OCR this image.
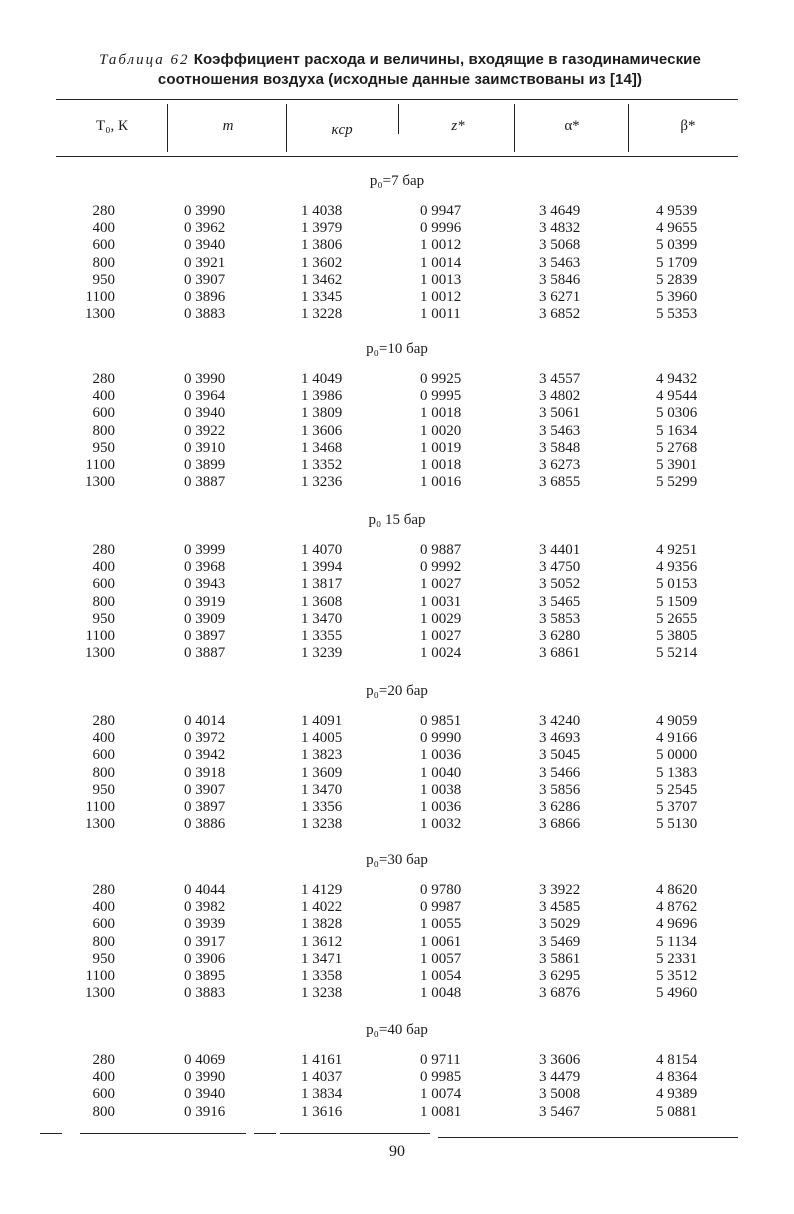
Таблица 62 Коэффициент расхода и величины, входящие в газодинамические
соотношения воздуха (исходные данные заимствованы из [14])
T₀, К	m	κср	z*	α*	β*
p₀=7 бар
280	0 3990	1 4038	0 9947	3 4649	4 9539
400	0 3962	1 3979	0 9996	3 4832	4 9655
600	0 3940	1 3806	1 0012	3 5068	5 0399
800	0 3921	1 3602	1 0014	3 5463	5 1709
950	0 3907	1 3462	1 0013	3 5846	5 2839
1100	0 3896	1 3345	1 0012	3 6271	5 3960
1300	0 3883	1 3228	1 0011	3 6852	5 5353
p₀=10 бар
280	0 3990	1 4049	0 9925	3 4557	4 9432
400	0 3964	1 3986	0 9995	3 4802	4 9544
600	0 3940	1 3809	1 0018	3 5061	5 0306
800	0 3922	1 3606	1 0020	3 5463	5 1634
950	0 3910	1 3468	1 0019	3 5848	5 2768
1100	0 3899	1 3352	1 0018	3 6273	5 3901
1300	0 3887	1 3236	1 0016	3 6855	5 5299
p₀ 15 бар
280	0 3999	1 4070	0 9887	3 4401	4 9251
400	0 3968	1 3994	0 9992	3 4750	4 9356
600	0 3943	1 3817	1 0027	3 5052	5 0153
800	0 3919	1 3608	1 0031	3 5465	5 1509
950	0 3909	1 3470	1 0029	3 5853	5 2655
1100	0 3897	1 3355	1 0027	3 6280	5 3805
1300	0 3887	1 3239	1 0024	3 6861	5 5214
p₀=20 бар
280	0 4014	1 4091	0 9851	3 4240	4 9059
400	0 3972	1 4005	0 9990	3 4693	4 9166
600	0 3942	1 3823	1 0036	3 5045	5 0000
800	0 3918	1 3609	1 0040	3 5466	5 1383
950	0 3907	1 3470	1 0038	3 5856	5 2545
1100	0 3897	1 3356	1 0036	3 6286	5 3707
1300	0 3886	1 3238	1 0032	3 6866	5 5130
p₀=30 бар
280	0 4044	1 4129	0 9780	3 3922	4 8620
400	0 3982	1 4022	0 9987	3 4585	4 8762
600	0 3939	1 3828	1 0055	3 5029	4 9696
800	0 3917	1 3612	1 0061	3 5469	5 1134
950	0 3906	1 3471	1 0057	3 5861	5 2331
1100	0 3895	1 3358	1 0054	3 6295	5 3512
1300	0 3883	1 3238	1 0048	3 6876	5 4960
p₀=40 бар
280	0 4069	1 4161	0 9711	3 3606	4 8154
400	0 3990	1 4037	0 9985	3 4479	4 8364
600	0 3940	1 3834	1 0074	3 5008	4 9389
800	0 3916	1 3616	1 0081	3 5467	5 0881
90
